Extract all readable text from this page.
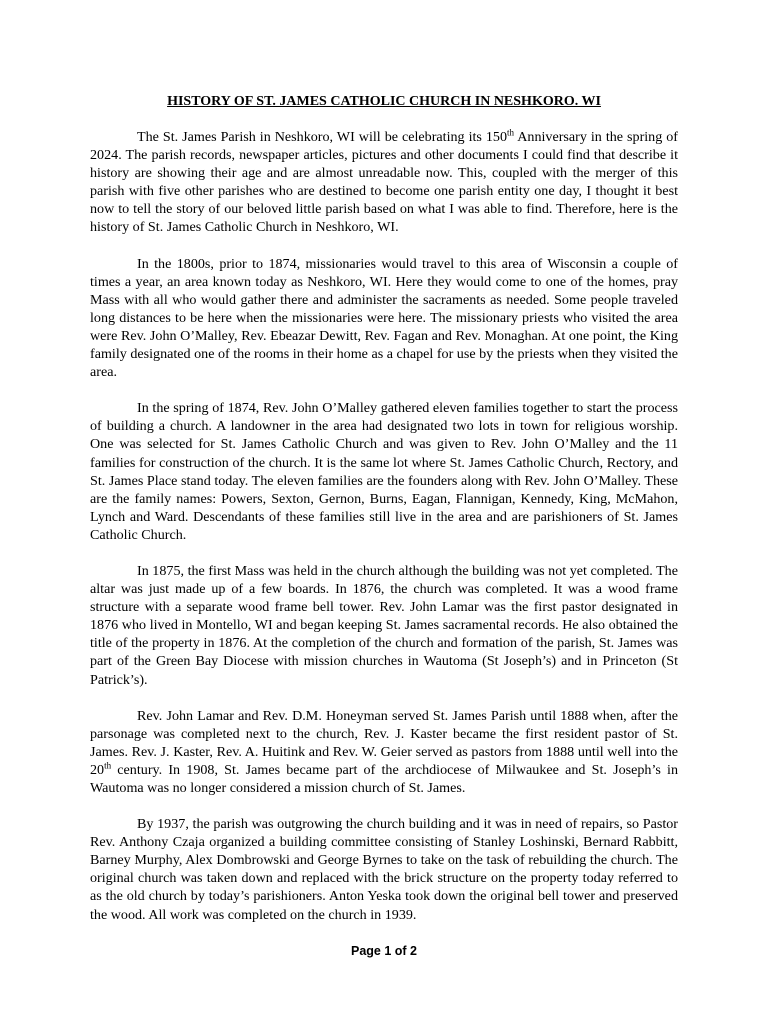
HISTORY OF ST. JAMES CATHOLIC CHURCH IN NESHKORO. WI

The St. James Parish in Neshkoro, WI will be celebrating its 150th Anniversary in the spring of 2024. The parish records, newspaper articles, pictures and other documents I could find that describe it history are showing their age and are almost unreadable now. This, coupled with the merger of this parish with five other parishes who are destined to become one parish entity one day, I thought it best now to tell the story of our beloved little parish based on what I was able to find. Therefore, here is the history of St. James Catholic Church in Neshkoro, WI.

In the 1800s, prior to 1874, missionaries would travel to this area of Wisconsin a couple of times a year, an area known today as Neshkoro, WI. Here they would come to one of the homes, pray Mass with all who would gather there and administer the sacraments as needed. Some people traveled long distances to be here when the missionaries were here. The missionary priests who visited the area were Rev. John O’Malley, Rev. Ebeazar Dewitt, Rev. Fagan and Rev. Monaghan. At one point, the King family designated one of the rooms in their home as a chapel for use by the priests when they visited the area.

In the spring of 1874, Rev. John O’Malley gathered eleven families together to start the process of building a church. A landowner in the area had designated two lots in town for religious worship. One was selected for St. James Catholic Church and was given to Rev. John O’Malley and the 11 families for construction of the church. It is the same lot where St. James Catholic Church, Rectory, and St. James Place stand today. The eleven families are the founders along with Rev. John O’Malley. These are the family names: Powers, Sexton, Gernon, Burns, Eagan, Flannigan, Kennedy, King, McMahon, Lynch and Ward. Descendants of these families still live in the area and are parishioners of St. James Catholic Church.

In 1875, the first Mass was held in the church although the building was not yet completed. The altar was just made up of a few boards. In 1876, the church was completed. It was a wood frame structure with a separate wood frame bell tower. Rev. John Lamar was the first pastor designated in 1876 who lived in Montello, WI and began keeping St. James sacramental records. He also obtained the title of the property in 1876. At the completion of the church and formation of the parish, St. James was part of the Green Bay Diocese with mission churches in Wautoma (St Joseph’s) and in Princeton (St Patrick’s).

Rev. John Lamar and Rev. D.M. Honeyman served St. James Parish until 1888 when, after the parsonage was completed next to the church, Rev. J. Kaster became the first resident pastor of St. James. Rev. J. Kaster, Rev. A. Huitink and Rev. W. Geier served as pastors from 1888 until well into the 20th century. In 1908, St. James became part of the archdiocese of Milwaukee and St. Joseph’s in Wautoma was no longer considered a mission church of St. James.

By 1937, the parish was outgrowing the church building and it was in need of repairs, so Pastor Rev. Anthony Czaja organized a building committee consisting of Stanley Loshinski, Bernard Rabbitt, Barney Murphy, Alex Dombrowski and George Byrnes to take on the task of rebuilding the church. The original church was taken down and replaced with the brick structure on the property today referred to as the old church by today’s parishioners. Anton Yeska took down the original bell tower and preserved the wood. All work was completed on the church in 1939.

Page 1 of 2
